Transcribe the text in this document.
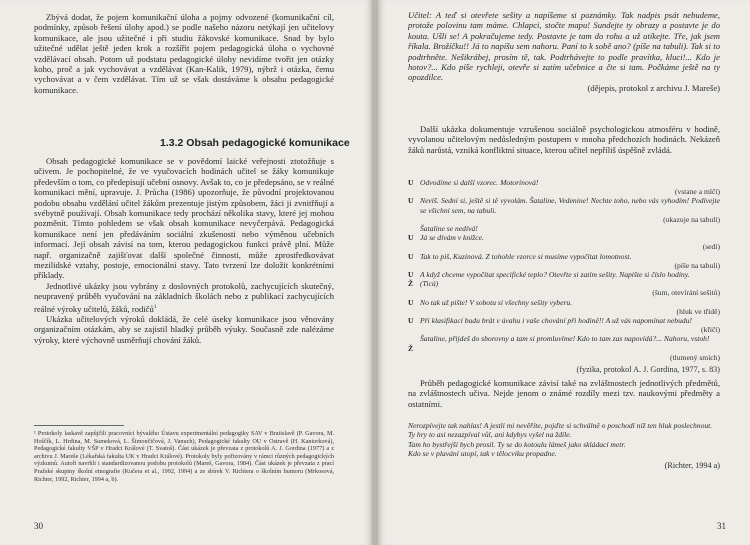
Zbývá dodat, že pojem komunikační úloha a pojmy odvozené (komunikační cíl, podmínky, způsob řešení úlohy apod.) se podle našeho názoru netýkají jen učitelovy komunikace, ale jsou užitečné i při studiu žákovské komunikace. Snad by bylo užitečné udělat ještě jeden krok a rozšířit pojem pedagogická úloha o vychovné vzdělávací obsah. Potom už podstatu pedagogické úlohy nevidíme tvořit jen otázky koho, proč a jak vychovávat a vzdělávat (Kan-Kalik, 1979), nýbrž i otázka, čemu vychovávat a v čem vzdělávat. Tím už se však dostáváme k obsahu pedagogické komunikace.

1.3.2 Obsah pedagogické komunikace

Obsah pedagogické komunikace se v povědomí laické veřejnosti ztotožňuje s učivem. Je pochopitelné, že ve vyučovacích hodinách učitel se žáky komunikuje především o tom, co předepisují učební osnovy. Avšak to, co je předepsáno, se v reálné komunikaci mění, upravuje. J. Průcha (1986) upozorňuje, že původní projektovanou podobu obsahu vzdělání učitel žákům prezentuje jistým způsobem, žáci ji zvnitřňují a svébytně používají. Obsah komunikace tedy prochází několika stavy, které jej mohou pozměnit. Tímto pohledem se však obsah komunikace nevyčerpává. Pedagogická komunikace není jen předáváním sociální zkušenosti nebo výměnou učebních informací. Její obsah závisí na tom, kterou pedagogickou funkci právě plní. Může např. organizačně zajišťovat další společné činnosti, může zprostředkovávat mezilidské vztahy, postoje, emocionální stavy. Tato tvrzení lze doložit konkrétními příklady.

Jednotlivé ukázky jsou vybrány z doslovných protokolů, zachycujících skutečný, neupravený průběh vyučování na základních školách nebo z publikací zachycujících reálné výroky učitelů, žáků, rodičů$^1$

Ukázka učitelových výroků dokládá, že celé úseky komunikace jsou věnovány organizačním otázkám, aby se zajistil hladký průběh výuky. Současně zde nalézáme výroky, které výchovně usměrňují chování žáků.

¹ Protokoly laskavě zapůjčili pracovníci bývalého Ústavu experimentální pedagogiky SAV v Bratislavě (P. Gavora, M. Hoščík, L. Hrdina, M. Sumeková, L. Šimončičová, J. Vanuch), Pedagogické fakulty OU v Ostravě (H. Kantorková), Pedagogické fakulty VŠP v Hradci Králové (T. Svatoš). Část ukázek je převzata z protokolů A. J. Gordina (1977) a z archivu J. Mareše (Lékařská fakulta UK v Hradci Králové). Protokoly byly pořizovány v rámci různých pedagogických výzkumů. Autoři navrhli i standardizovanou podobu protokolů (Mareš, Gavora, 1984). Část ukázek je převzata z prací Pražské skupiny školní etnografie (Kučera et al., 1992, 1994) a ze sbírek V. Richtera o školním humoru (Mrkosová, Richter, 1992, Richter, 1994 a, b).
30

Učitel: A teď si otevřete sešity a napíšeme si poznámky. Tak nadpis psát nebudeme, protože polovinu tam máme. Chlapci, stočte mapu! Sundejte ty obrazy a postavte je do kouta. Ušli se! A pokračujeme tedy. Postavte je tam do rohu a už utíkejte. Tře, jak jsem říkala. Brožíčku!! Já to napíšu sem nahoru. Paní to k sobě ano? (píše na tabuli). Tak si to podtrhněte. Nešikrábej, prosím tě, tak. Podtrhávejte to podle pravítka, kluci!... Kdo je hotov?... Kdo píše rychleji, otevře si zatím učebnice a čte si tam. Počkáme ještě na ty opozdilce.

(dějepis, protokol z archivu J. Mareše)

Další ukázka dokumentuje vzrušenou sociálně psychologickou atmosféru v hodině, vyvolanou učitelovým nedůsledným postupem v mnoha předchozích hodinách. Nekázeň žáků narůstá, vzniká konfliktní situace, kterou učitel nepříliš úspěšně zvládá.

U Odvodíme si další vzorec. Motorínová!
(vstane a mlčí)
U Nevíš. Sedni si, ještě si tě vyvolám. Šataline, Vedenine! Nechte toho, nebo vás vyhodím! Podívejte se všichni sem, na tabuli.
(ukazuje na tabuli)
Šataline se nedívá!
U Já se dívám v knížce.
(sedí)
U Tak to piš, Kuzinová. Z tohohle vzorce si musíme vypočítat lomotnost.
(píše na tabuli)
U A když chceme vypočítat specifické teplo? Otevřte si zatím sešity. Napište si číslo hodiny.
Ž (Ticú)
(šum, otevírání sešitů)
U No tak už pište! V sobotu si všechny sešity vyberu.
(hluk ve třídě)
U Při klasifikaci budu brát v úvahu i vaše chování při hodině!! A už vás napomínat nebudu!
(křičí)
Šataline, přijdeš do sborovny a tam si promluvíme! Kdo to tam zas napovídá?... Nahoru, vstoh!
Ž
(tlumený smích)
(fyzika, protokol A. J. Gordina, 1977, s. 83)

Průběh pedagogické komunikace závisí také na zvláštnostech jednotlivých předmětů, na zvláštnostech učiva. Nejde jenom o známé rozdíly mezi tzv. naukovými předměty a ostatními.

Nerozpívejte tak nahlas! A jestli mi nevěříte, pojďte si schválně o poschodí níž ten hluk poslechnout.
Ty hry to asi nezazpíval vůl, ani kdybys vyšel na ždíle.
Tam ho bystřejší bych prosil. Ty se do kotoulu lámeš jako skládací metr.
Kdo se v plavání utopí, tak v tělocviku propadne.
(Richter, 1994 a)
31
